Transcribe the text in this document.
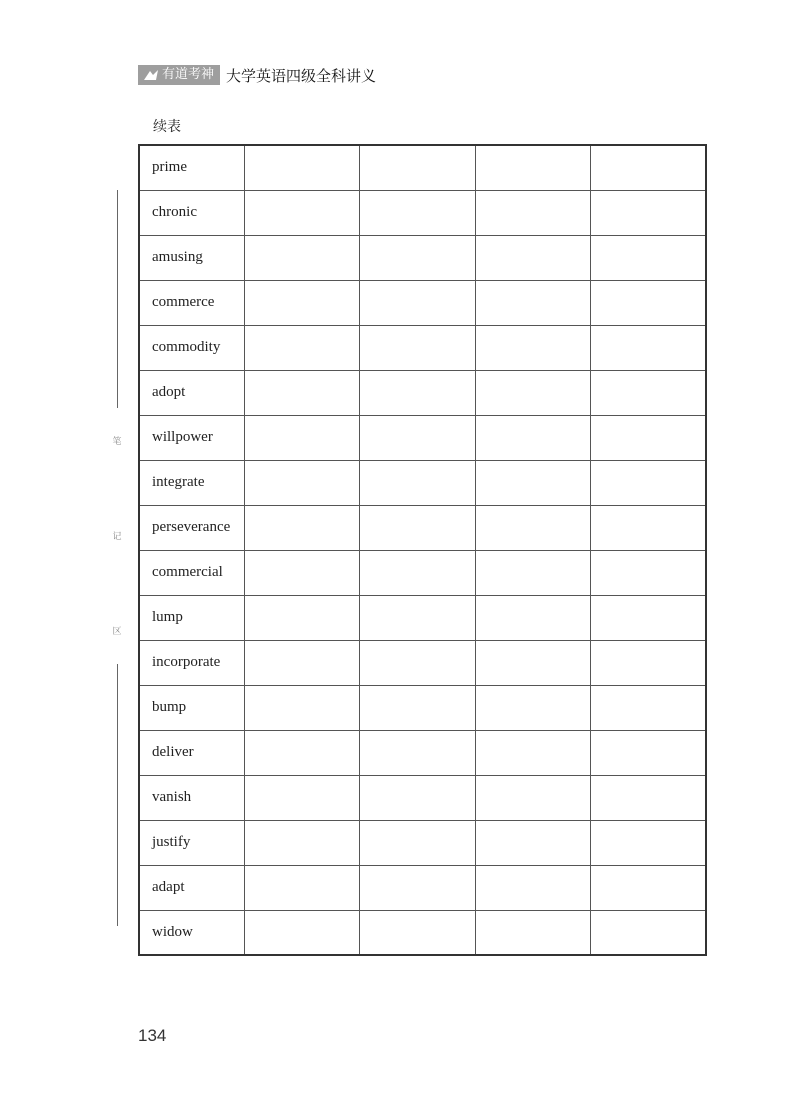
有道考神 大学英语四级全科讲义
续表
笔
记
区
prime				
chronic				
amusing				
commerce				
commodity				
adopt				
willpower				
integrate				
perseverance				
commercial				
lump				
incorporate				
bump				
deliver				
vanish				
justify				
adapt				
widow				
134
